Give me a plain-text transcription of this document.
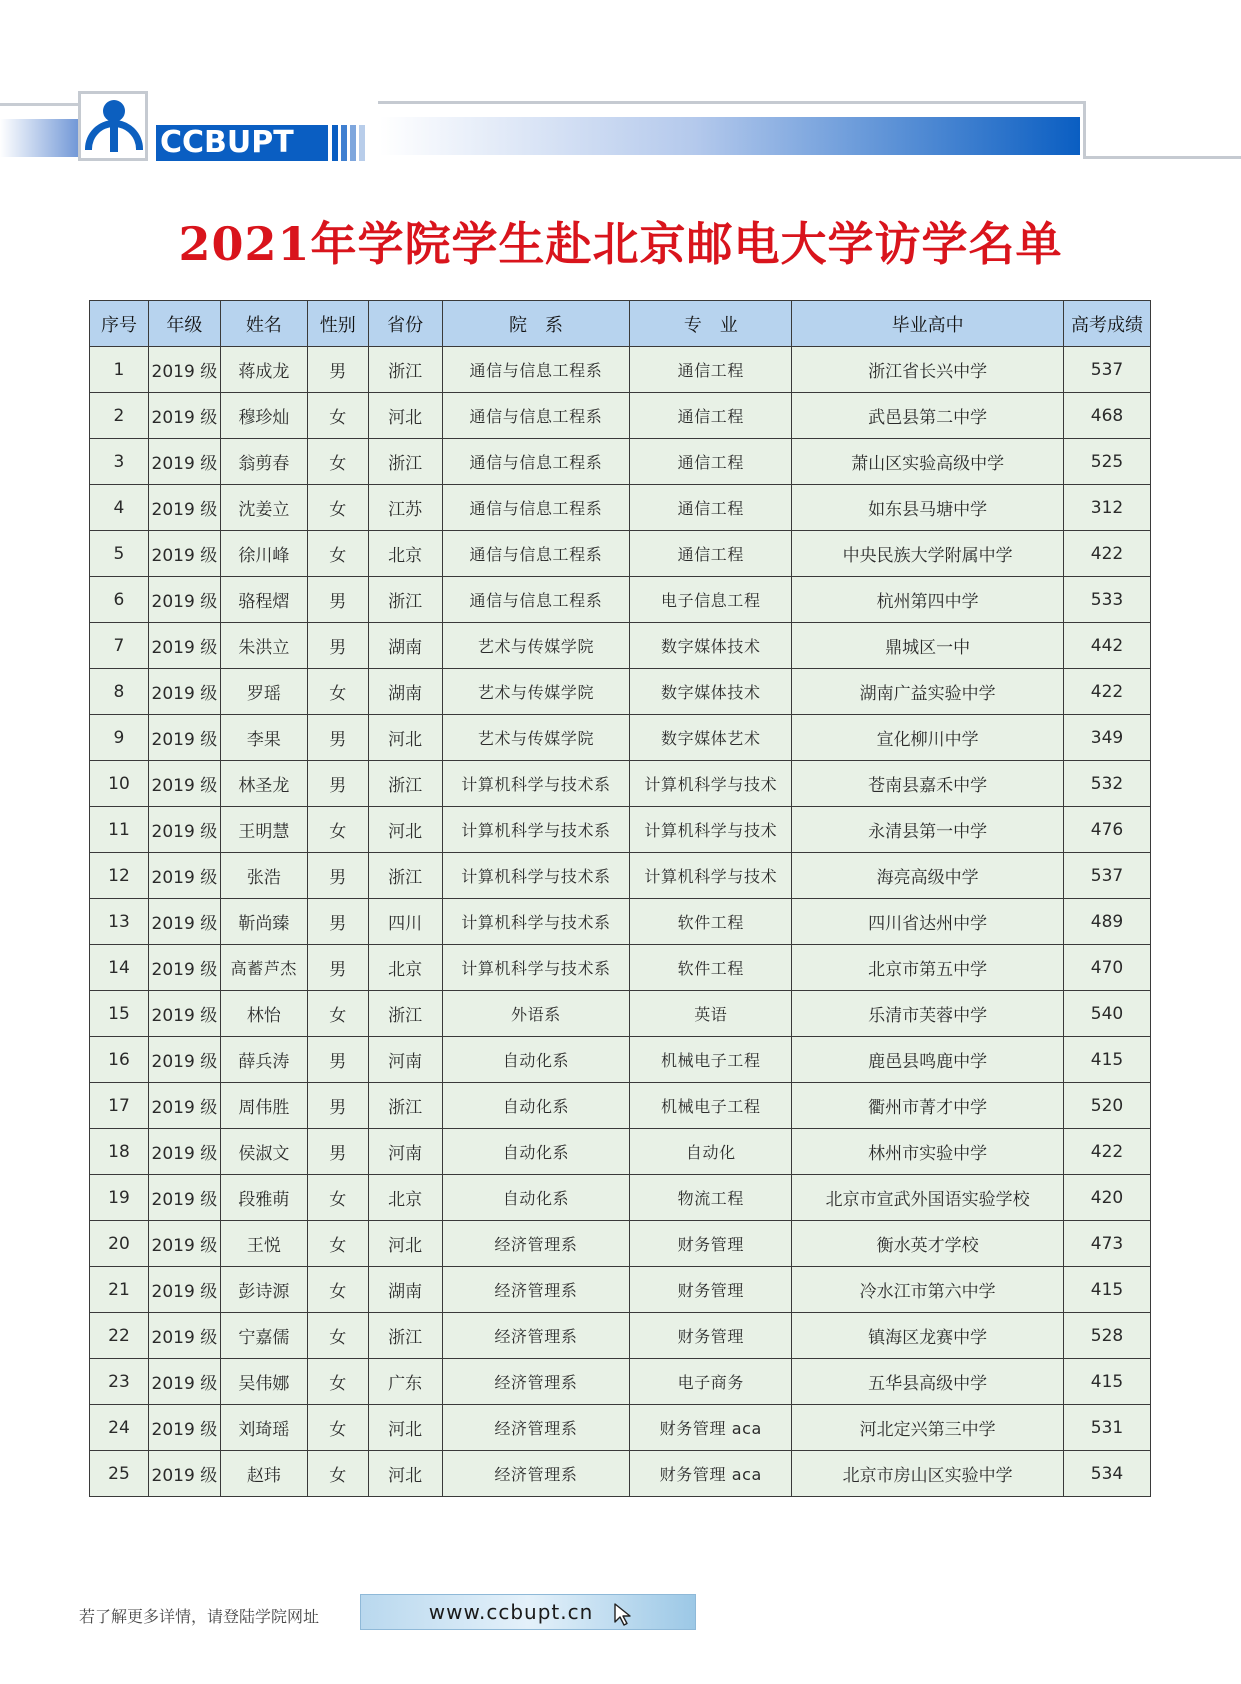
CCBUPT
2021年学院学生赴北京邮电大学访学名单
序号	年级	姓名	性别	省份	院　系	专　业	毕业高中	高考成绩
1	2019 级	蒋成龙	男	浙江	通信与信息工程系	通信工程	浙江省长兴中学	537
2	2019 级	穆珍灿	女	河北	通信与信息工程系	通信工程	武邑县第二中学	468
3	2019 级	翁剪春	女	浙江	通信与信息工程系	通信工程	萧山区实验高级中学	525
4	2019 级	沈姜立	女	江苏	通信与信息工程系	通信工程	如东县马塘中学	312
5	2019 级	徐川峰	女	北京	通信与信息工程系	通信工程	中央民族大学附属中学	422
6	2019 级	骆程熠	男	浙江	通信与信息工程系	电子信息工程	杭州第四中学	533
7	2019 级	朱洪立	男	湖南	艺术与传媒学院	数字媒体技术	鼎城区一中	442
8	2019 级	罗瑶	女	湖南	艺术与传媒学院	数字媒体技术	湖南广益实验中学	422
9	2019 级	李果	男	河北	艺术与传媒学院	数字媒体艺术	宣化柳川中学	349
10	2019 级	林圣龙	男	浙江	计算机科学与技术系	计算机科学与技术	苍南县嘉禾中学	532
11	2019 级	王明慧	女	河北	计算机科学与技术系	计算机科学与技术	永清县第一中学	476
12	2019 级	张浩	男	浙江	计算机科学与技术系	计算机科学与技术	海亮高级中学	537
13	2019 级	靳尚臻	男	四川	计算机科学与技术系	软件工程	四川省达州中学	489
14	2019 级	高蓄芦杰	男	北京	计算机科学与技术系	软件工程	北京市第五中学	470
15	2019 级	林怡	女	浙江	外语系	英语	乐清市芙蓉中学	540
16	2019 级	薛兵涛	男	河南	自动化系	机械电子工程	鹿邑县鸣鹿中学	415
17	2019 级	周伟胜	男	浙江	自动化系	机械电子工程	衢州市菁才中学	520
18	2019 级	侯淑文	男	河南	自动化系	自动化	林州市实验中学	422
19	2019 级	段雅萌	女	北京	自动化系	物流工程	北京市宣武外国语实验学校	420
20	2019 级	王悦	女	河北	经济管理系	财务管理	衡水英才学校	473
21	2019 级	彭诗源	女	湖南	经济管理系	财务管理	冷水江市第六中学	415
22	2019 级	宁嘉儒	女	浙江	经济管理系	财务管理	镇海区龙赛中学	528
23	2019 级	吴伟娜	女	广东	经济管理系	电子商务	五华县高级中学	415
24	2019 级	刘琦瑶	女	河北	经济管理系	财务管理 aca	河北定兴第三中学	531
25	2019 级	赵玮	女	河北	经济管理系	财务管理 aca	北京市房山区实验中学	534
若了解更多详情，请登陆学院网址	www.ccbupt.cn
